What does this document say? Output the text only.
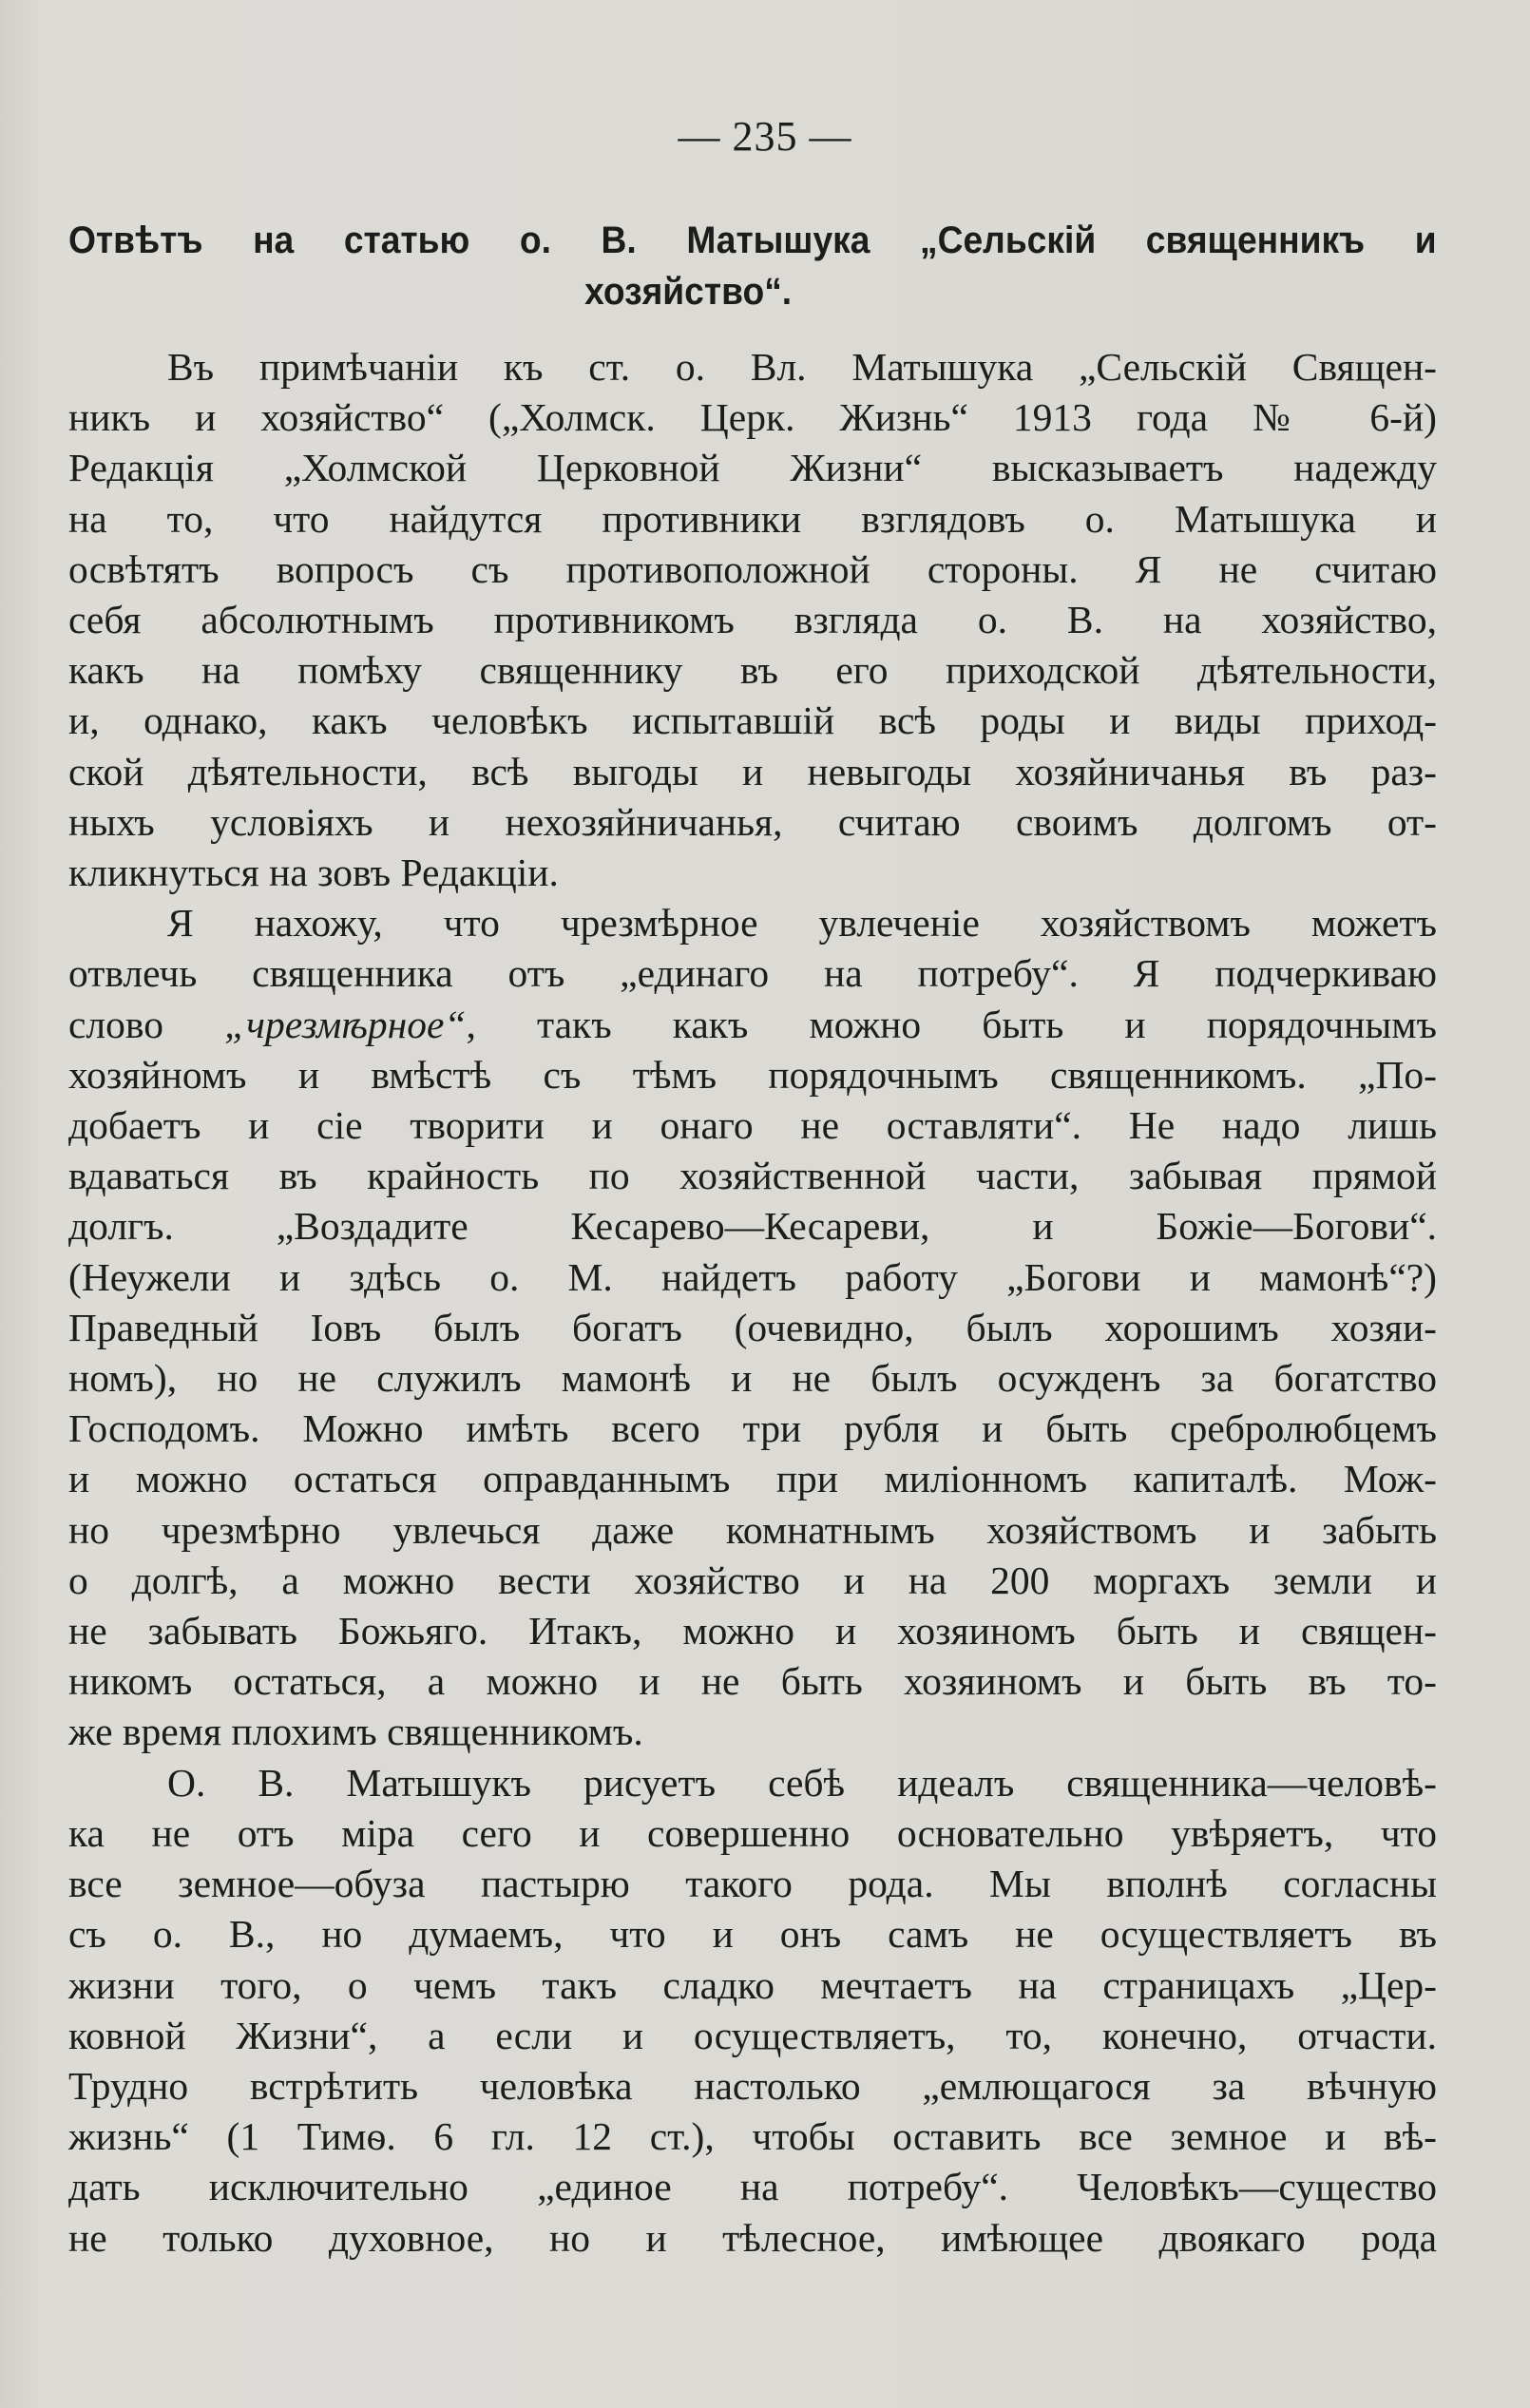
— 235 —
Отвѣтъ на статью о. В. Матышука „Сельскій священникъ и
хозяйство“.
Въ примѣчаніи къ ст. о. Вл. Матышука „Сельскій Священ-
никъ и хозяйство“ („Холмск. Церк. Жизнь“ 1913 года № 6-й)
Редакція „Холмской Церковной Жизни“ высказываетъ надежду
на то, что найдутся противники взглядовъ о. Матышука и
освѣтятъ вопросъ съ противоположной стороны. Я не считаю
себя абсолютнымъ противникомъ взгляда о. В. на хозяйство,
какъ на помѣху священнику въ его приходской дѣятельности,
и, однако, какъ человѣкъ испытавшій всѣ роды и виды приход-
ской дѣятельности, всѣ выгоды и невыгоды хозяйничанья въ раз-
ныхъ условіяхъ и нехозяйничанья, считаю своимъ долгомъ от-
кликнуться на зовъ Редакціи.
Я нахожу, что чрезмѣрное увлеченіе хозяйствомъ можетъ
отвлечь священника отъ „единаго на потребу“. Я подчеркиваю
слово „чрезмѣрное“, такъ какъ можно быть и порядочнымъ
хозяйномъ и вмѣстѣ съ тѣмъ порядочнымъ священникомъ. „По-
добаетъ и сіе творити и онаго не оставляти“. Не надо лишь
вдаваться въ крайность по хозяйственной части, забывая прямой
долгъ. „Воздадите Кесарево—Кесареви, и Божіе—Богови“.
(Неужели и здѣсь о. М. найдетъ работу „Богови и мамонѣ“?)
Праведный Іовъ былъ богатъ (очевидно, былъ хорошимъ хозяи-
номъ), но не служилъ мамонѣ и не былъ осужденъ за богатство
Господомъ. Можно имѣть всего три рубля и быть сребролюбцемъ
и можно остаться оправданнымъ при миліонномъ капиталѣ. Мож-
но чрезмѣрно увлечься даже комнатнымъ хозяйствомъ и забыть
о долгѣ, а можно вести хозяйство и на 200 моргахъ земли и
не забывать Божьяго. Итакъ, можно и хозяиномъ быть и священ-
никомъ остаться, а можно и не быть хозяиномъ и быть въ то-
же время плохимъ священникомъ.
О. В. Матышукъ рисуетъ себѣ идеалъ священника—человѣ-
ка не отъ міра сего и совершенно основательно увѣряетъ, что
все земное—обуза пастырю такого рода. Мы вполнѣ согласны
съ о. В., но думаемъ, что и онъ самъ не осуществляетъ въ
жизни того, о чемъ такъ сладко мечтаетъ на страницахъ „Цер-
ковной Жизни“, а если и осуществляетъ, то, конечно, отчасти.
Трудно встрѣтить человѣка настолько „емлющагося за вѣчную
жизнь“ (1 Тимѳ. 6 гл. 12 ст.), чтобы оставить все земное и вѣ-
дать исключительно „единое на потребу“. Человѣкъ—существо
не только духовное, но и тѣлесное, имѣющее двоякаго рода
